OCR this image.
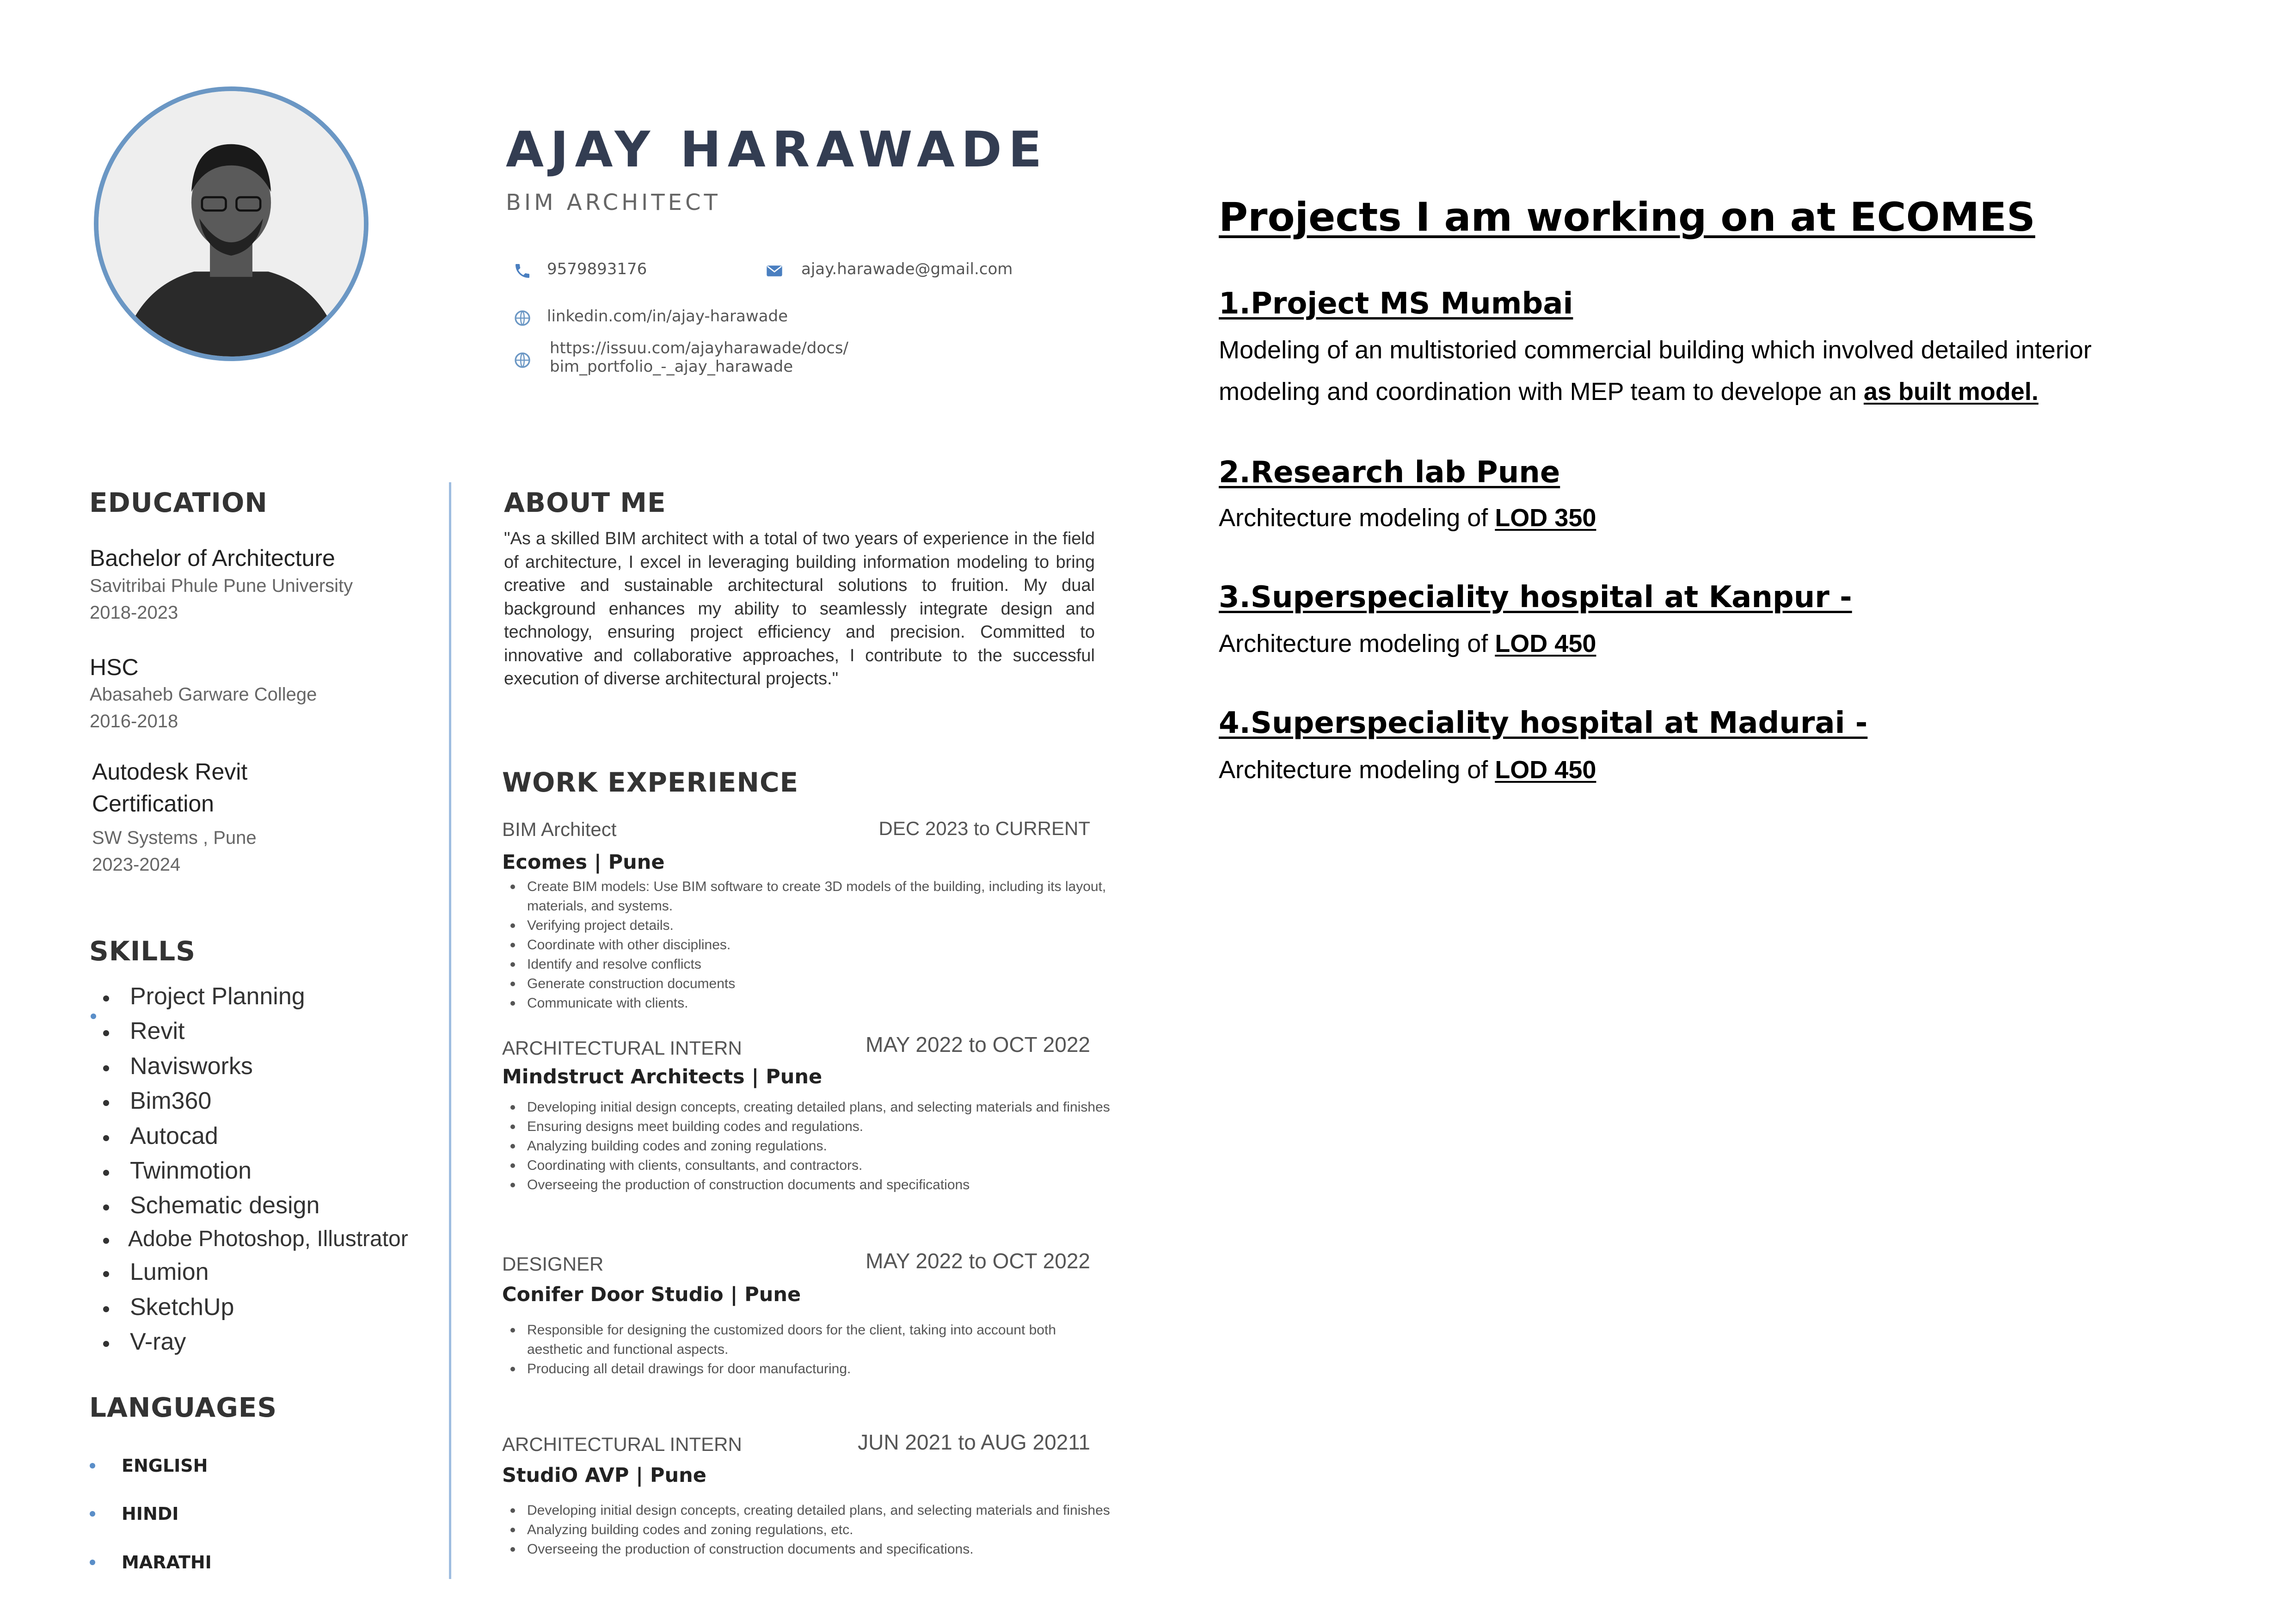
AJAY HARAWADE
BIM ARCHITECT
9579893176	ajay.harawade@gmail.com
linkedin.com/in/ajay-harawade
https://issuu.com/ajayharawade/docs/
bim_portfolio_-_ajay_harawade
EDUCATION
Bachelor of Architecture
Savitribai Phule Pune University
2018-2023
HSC
Abasaheb Garware College
2016-2018
Autodesk Revit
Certification
SW Systems , Pune
2023-2024
SKILLS
Project Planning
Revit
Navisworks
Bim360
Autocad
Twinmotion
Schematic design
Adobe Photoshop, Illustrator
Lumion
SketchUp
V-ray
LANGUAGES
ENGLISH
HINDI
MARATHI
ABOUT ME
"As a skilled BIM architect with a total of two years of experience in the field of architecture, I excel in leveraging building information modeling to bring creative and sustainable architectural solutions to fruition. My dual background enhances my ability to seamlessly integrate design and technology, ensuring project efficiency and precision. Committed to innovative and collaborative approaches, I contribute to the successful execution of diverse architectural projects."
WORK EXPERIENCE
BIM Architect	DEC 2023 to CURRENT
Ecomes | Pune
Create BIM models: Use BIM software to create 3D models of the building, including its layout, materials, and systems.
Verifying project details.
Coordinate with other disciplines.
Identify and resolve conflicts
Generate construction documents
Communicate with clients.
ARCHITECTURAL INTERN	MAY 2022 to OCT 2022
Mindstruct Architects | Pune
Developing initial design concepts, creating detailed plans, and selecting materials and finishes
Ensuring designs meet building codes and regulations.
Analyzing building codes and zoning regulations.
Coordinating with clients, consultants, and contractors.
Overseeing the production of construction documents and specifications
DESIGNER	MAY 2022 to OCT 2022
Conifer Door Studio | Pune
Responsible for designing the customized doors for the client, taking into account both aesthetic and functional aspects.
Producing all detail drawings for door manufacturing.
ARCHITECTURAL INTERN	JUN 2021 to AUG 20211
StudiO AVP | Pune
Developing initial design concepts, creating detailed plans, and selecting materials and finishes
Analyzing building codes and zoning regulations, etc.
Overseeing the production of construction documents and specifications.
Projects I am working on at ECOMES
1.Project MS Mumbai
Modeling of an multistoried commercial building which involved detailed interior modeling and coordination with MEP team to develope an as built model.
2.Research lab Pune
Architecture modeling of LOD 350
3.Superspeciality hospital at Kanpur -
Architecture modeling of LOD 450
4.Superspeciality hospital at Madurai -
Architecture modeling of LOD 450
